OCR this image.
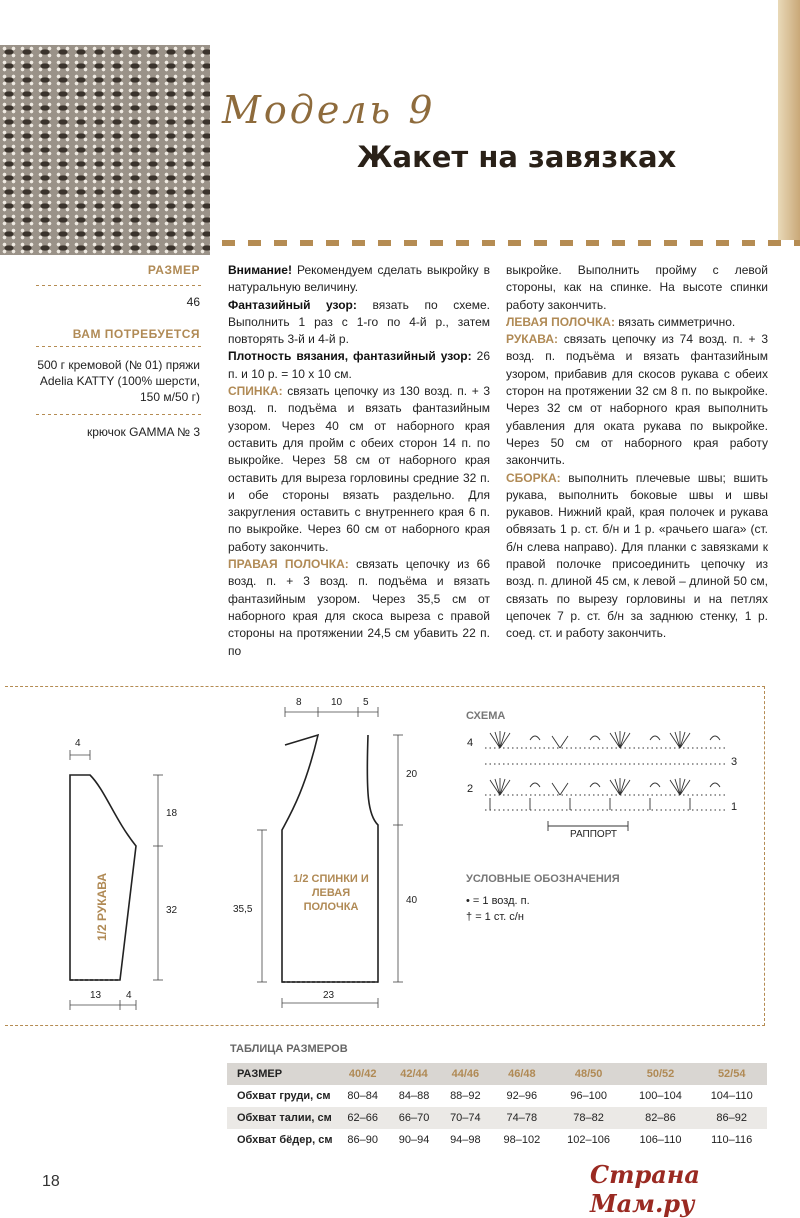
Модель 9
Жакет на завязках
РАЗМЕР
46
ВАМ ПОТРЕБУЕТСЯ
500 г кремовой (№ 01) пряжи Adelia KATTY (100% шерсти, 150 м/50 г)
крючок GAMMA № 3

Внимание! Рекомендуем сделать выкройку в натуральную величину.

Фантазийный узор: вязать по схеме. Выполнить 1 раз с 1-го по 4-й р., затем повторять 3-й и 4-й р.

Плотность вязания, фантазийный узор: 26 п. и 10 р. = 10 х 10 см.

СПИНКА: связать цепочку из 130 возд. п. + 3 возд. п. подъёма и вязать фантазийным узором. Через 40 см от наборного края оставить для пройм с обеих сторон 14 п. по выкройке. Через 58 см от наборного края оставить для выреза горловины средние 32 п. и обе стороны вязать раздельно. Для закругления оставить с внутреннего края 6 п. по выкройке. Через 60 см от наборного края работу закончить.

ПРАВАЯ ПОЛОЧКА: связать цепочку из 66 возд. п. + 3 возд. п. подъёма и вязать фантазийным узором. Через 35,5 см от наборного края для скоса выреза с правой стороны на протяжении 24,5 см убавить 22 п. по

выкройке. Выполнить пройму с левой стороны, как на спинке. На высоте спинки работу закончить.

ЛЕВАЯ ПОЛОЧКА: вязать симметрично.

РУКАВА: связать цепочку из 74 возд. п. + 3 возд. п. подъёма и вязать фантазийным узором, прибавив для скосов рукава с обеих сторон на протяжении 32 см 8 п. по выкройке. Через 32 см от наборного края выполнить убавления для оката рукава по выкройке. Через 50 см от наборного края работу закончить.

СБОРКА: выполнить плечевые швы; вшить рукава, выполнить боковые швы и швы рукавов. Нижний край, края полочек и рукава обвязать 1 р. ст. б/н и 1 р. «рачьего шага» (ст. б/н слева направо). Для планки с завязками к правой полочке присоединить цепочку из возд. п. длиной 45 см, к левой – длиной 50 см, связать по вырезу горловины и на петлях цепочек 7 р. ст. б/н за заднюю стенку, 1 р. соед. ст. и работу закончить.

4
18
32
13 4
1/2 РУКАВА
8	10 5
20
40
35,5
23
1/2 СПИНКИ И ЛЕВАЯ ПОЛОЧКА
СХЕМА
4
3
2
1
РАППОРТ
УСЛОВНЫЕ ОБОЗНАЧЕНИЯ
• = 1 возд. п.
† = 1 ст. с/н
ТАБЛИЦА РАЗМЕРОВ
РАЗМЕР	40/42	42/44	44/46	46/48	48/50	50/52	52/54
Обхват груди, см	80–84	84–88	88–92	92–96	96–100	100–104	104–110
Обхват талии, см	62–66	66–70	70–74	74–78	78–82	82–86	86–92
Обхват бёдер, см	86–90	90–94	94–98	98–102	102–106	106–110	110–116
18	Страна Мам.ру
